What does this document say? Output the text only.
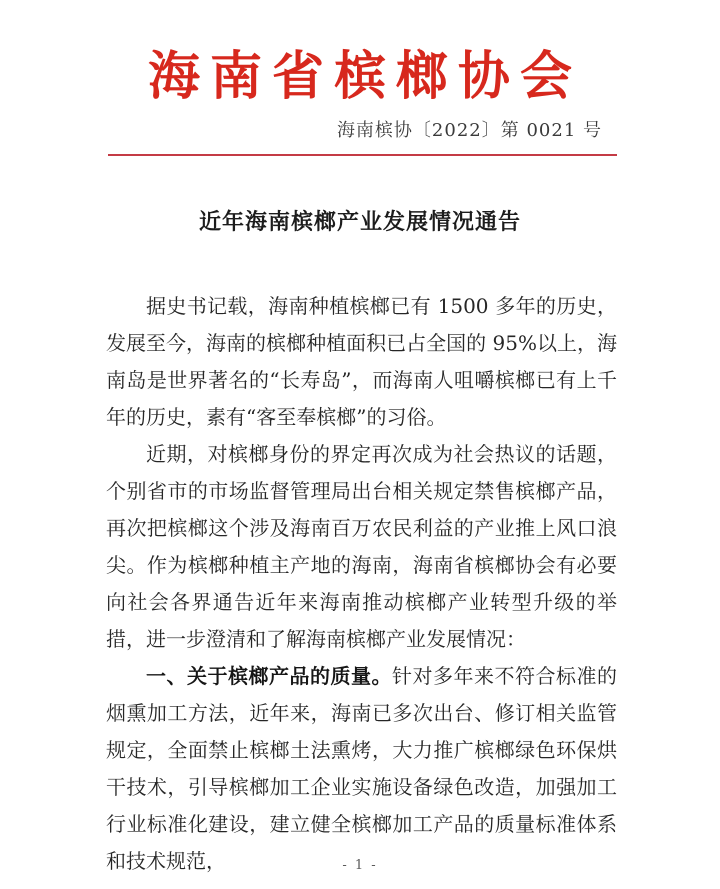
海南省槟榔协会
海南槟协〔2022〕第 0021 号
近年海南槟榔产业发展情况通告

据史书记载，海南种植槟榔已有 1500 多年的历史，发展至今，海南的槟榔种植面积已占全国的 95%以上，海南岛是世界著名的“长寿岛”，而海南人咀嚼槟榔已有上千年的历史，素有“客至奉槟榔”的习俗。

近期，对槟榔身份的界定再次成为社会热议的话题，个别省市的市场监督管理局出台相关规定禁售槟榔产品，再次把槟榔这个涉及海南百万农民利益的产业推上风口浪尖。作为槟榔种植主产地的海南，海南省槟榔协会有必要向社会各界通告近年来海南推动槟榔产业转型升级的举措，进一步澄清和了解海南槟榔产业发展情况：

一、关于槟榔产品的质量。针对多年来不符合标准的烟熏加工方法，近年来，海南已多次出台、修订相关监管规定，全面禁止槟榔土法熏烤，大力推广槟榔绿色环保烘干技术，引导槟榔加工企业实施设备绿色改造，加强加工行业标准化建设，建立健全槟榔加工产品的质量标准体系和技术规范，	- 1 -
